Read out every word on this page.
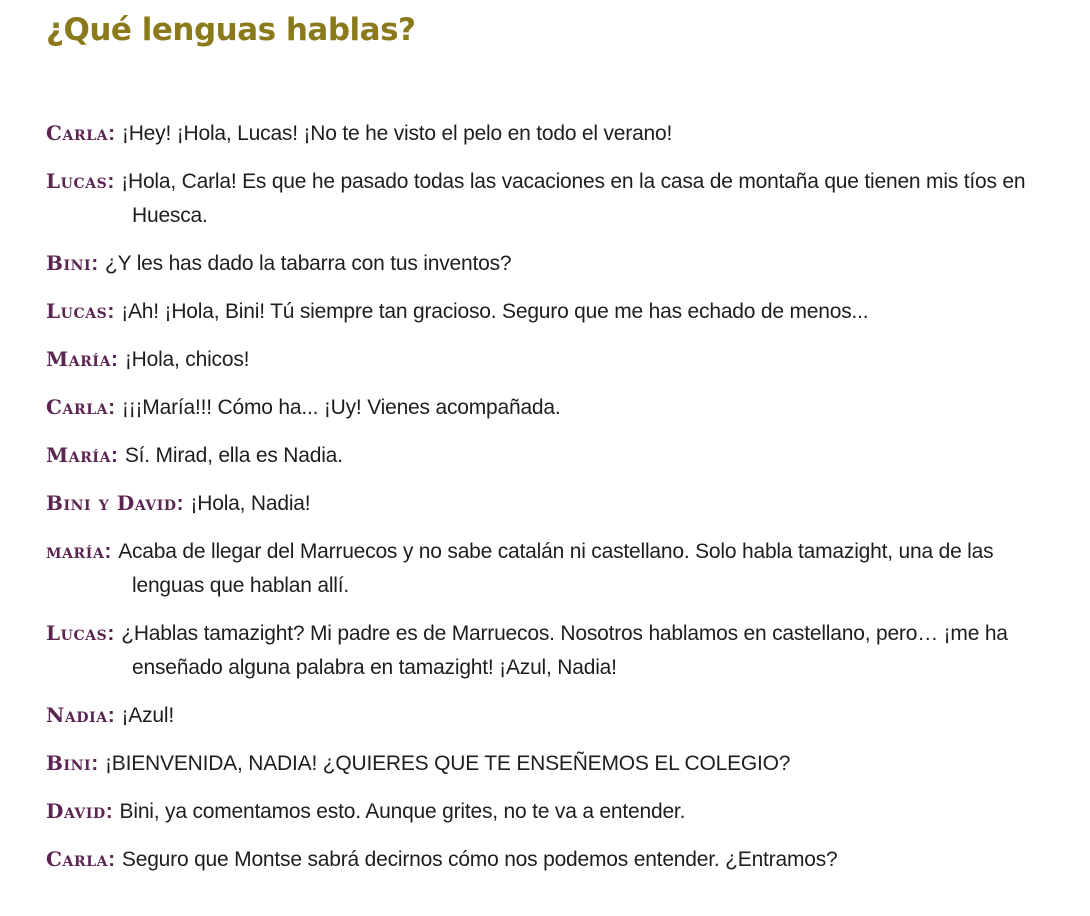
¿Qué lenguas hablas?

Carla: ¡Hey! ¡Hola, Lucas! ¡No te he visto el pelo en todo el verano!

Lucas: ¡Hola, Carla! Es que he pasado todas las vacaciones en la casa de montaña que tienen mis tíos en Huesca.

Bini: ¿Y les has dado la tabarra con tus inventos?

Lucas: ¡Ah! ¡Hola, Bini! Tú siempre tan gracioso. Seguro que me has echado de menos...

María: ¡Hola, chicos!

Carla: ¡¡¡María!!! Cómo ha... ¡Uy! Vienes acompañada.

María: Sí. Mirad, ella es Nadia.

Bini y David: ¡Hola, Nadia!

maría: Acaba de llegar del Marruecos y no sabe catalán ni castellano. Solo habla tamazight, una de las lenguas que hablan allí.

Lucas: ¿Hablas tamazight? Mi padre es de Marruecos. Nosotros hablamos en castellano, pero… ¡me ha enseñado alguna palabra en tamazight! ¡Azul, Nadia!

Nadia: ¡Azul!

Bini: ¡BIENVENIDA, NADIA! ¿QUIERES QUE TE ENSEÑEMOS EL COLEGIO?

David: Bini, ya comentamos esto. Aunque grites, no te va a entender.

Carla: Seguro que Montse sabrá decirnos cómo nos podemos entender. ¿Entramos?
